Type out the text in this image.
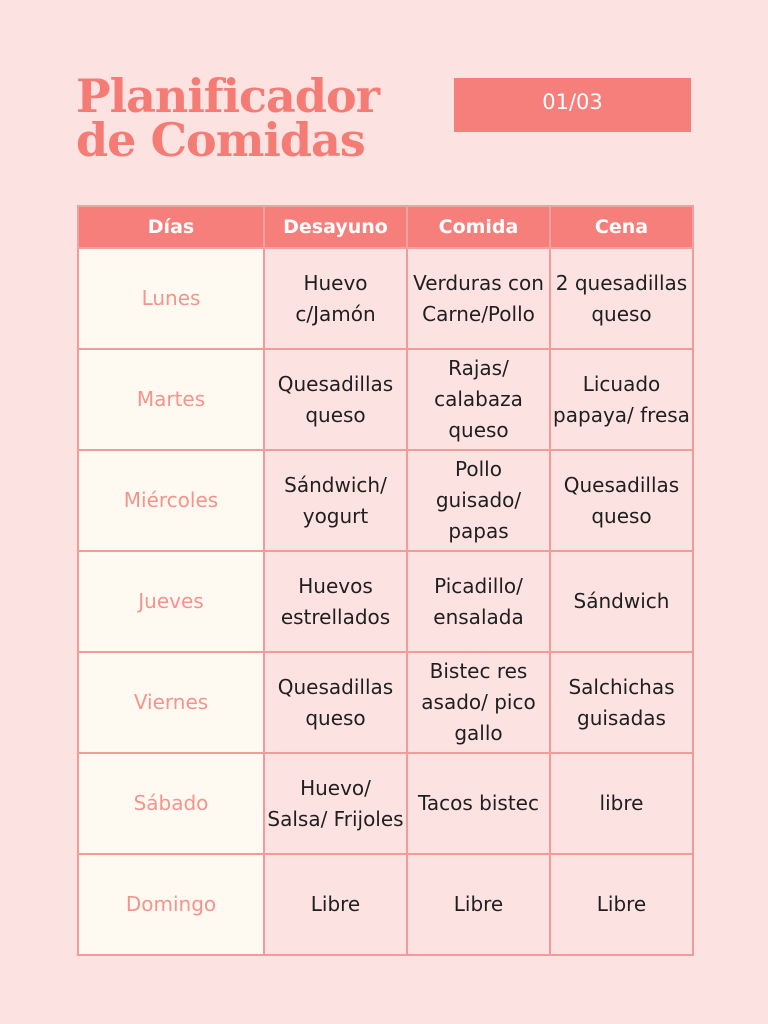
Planificador
de Comidas
01/03
Días	Desayuno	Comida	Cena
Lunes	Huevo c/Jamón	Verduras con Carne/Pollo	2 quesadillas queso
Martes	Quesadillas queso	Rajas/ calabaza queso	Licuado papaya/ fresa
Miércoles	Sándwich/ yogurt	Pollo guisado/ papas	Quesadillas queso
Jueves	Huevos estrellados	Picadillo/ ensalada	Sándwich
Viernes	Quesadillas queso	Bistec res asado/ pico gallo	Salchichas guisadas
Sábado	Huevo/ Salsa/ Frijoles	Tacos bistec	libre
Domingo	Libre	Libre	Libre
